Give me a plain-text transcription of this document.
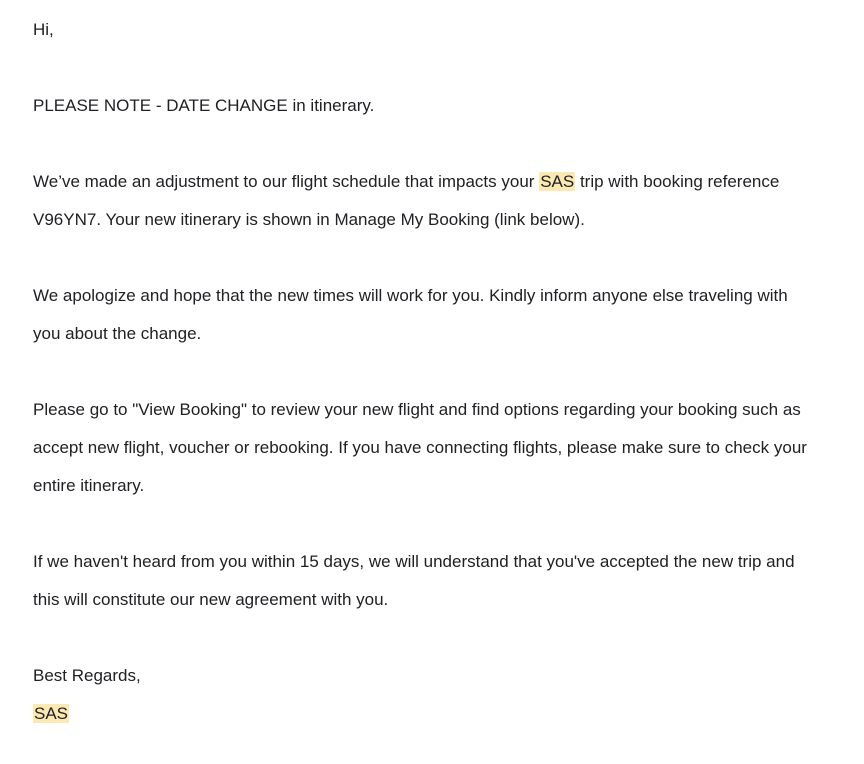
Hi,
PLEASE NOTE - DATE CHANGE in itinerary.
We’ve made an adjustment to our flight schedule that impacts your SAS trip with booking reference
V96YN7. Your new itinerary is shown in Manage My Booking (link below).
We apologize and hope that the new times will work for you. Kindly inform anyone else traveling with
you about the change.
Please go to "View Booking" to review your new flight and find options regarding your booking such as
accept new flight, voucher or rebooking. If you have connecting flights, please make sure to check your
entire itinerary.
If we haven't heard from you within 15 days, we will understand that you've accepted the new trip and
this will constitute our new agreement with you.
Best Regards,
SAS
